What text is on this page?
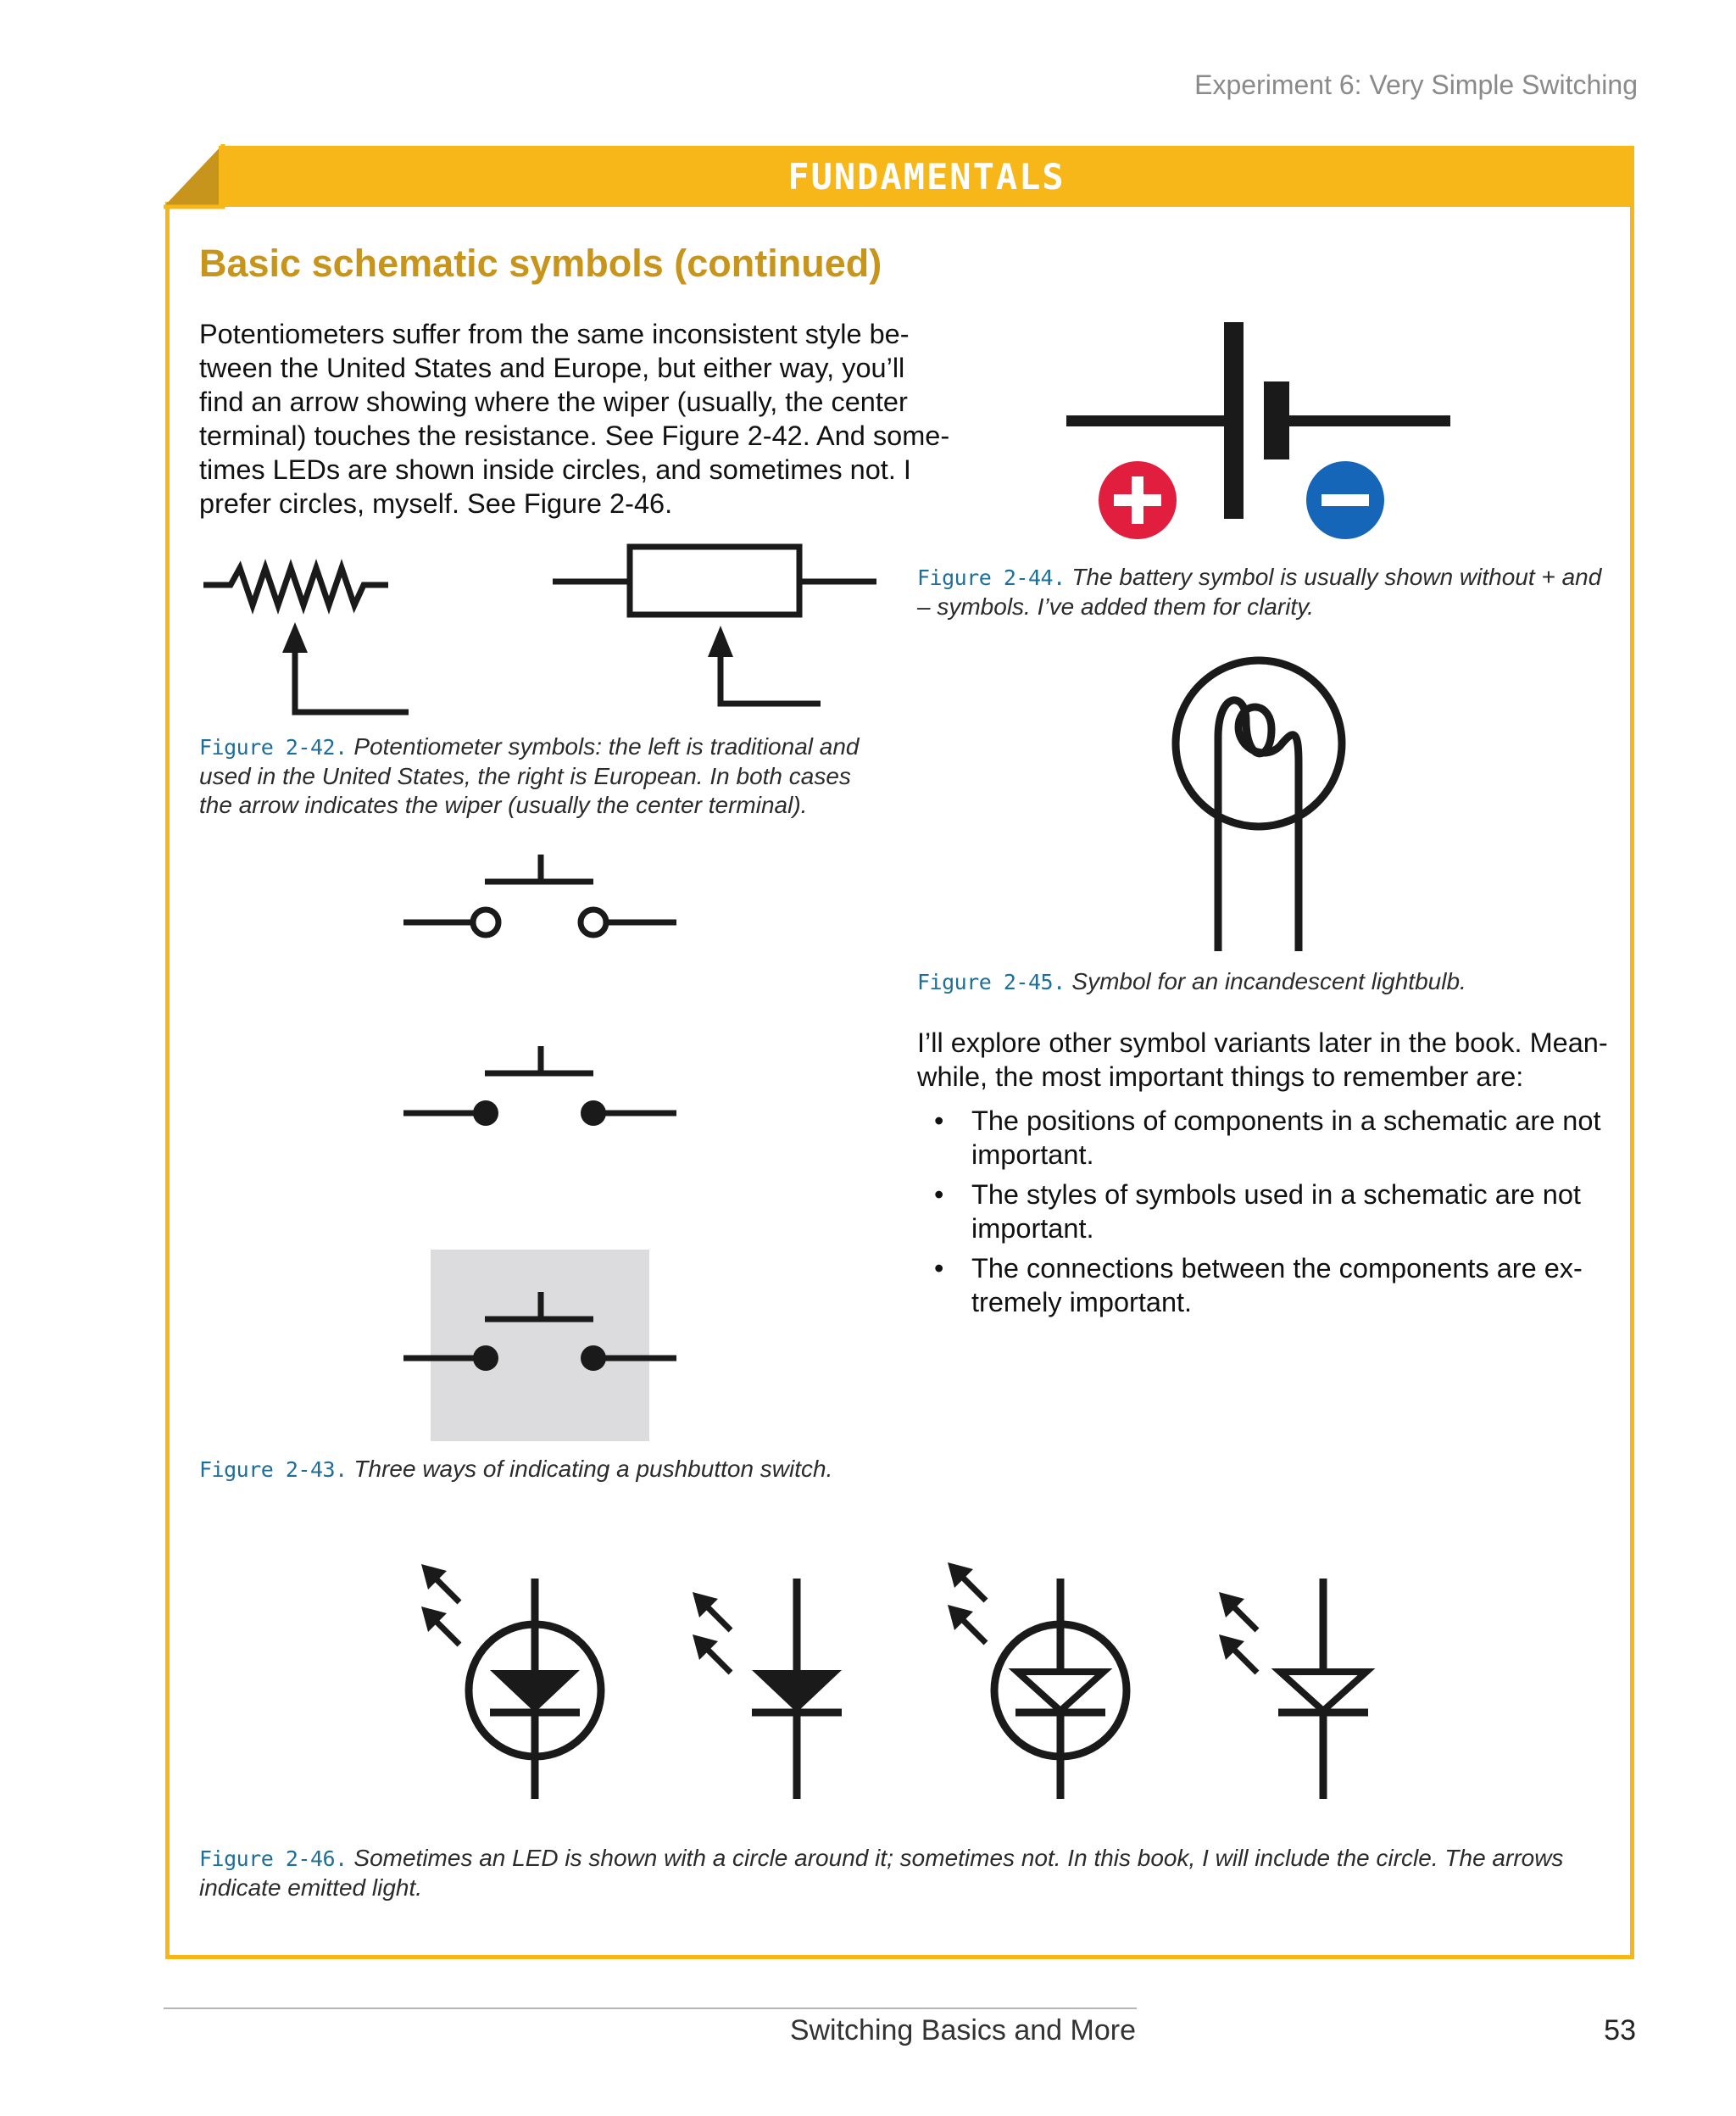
Experiment 6: Very Simple Switching
FUNDAMENTALS
Basic schematic symbols (continued)
Potentiometers suffer from the same inconsistent style be-
tween the United States and Europe, but either way, you’ll
find an arrow showing where the wiper (usually, the center
terminal) touches the resistance. See Figure 2-42. And some-
times LEDs are shown inside circles, and sometimes not. I
prefer circles, myself. See Figure 2-46.
Figure 2-42. Potentiometer symbols: the left is traditional and
used in the United States, the right is European. In both cases
the arrow indicates the wiper (usually the center terminal).
Figure 2-43. Three ways of indicating a pushbutton switch.
Figure 2-44. The battery symbol is usually shown without + and
– symbols. I’ve added them for clarity.
Figure 2-45. Symbol for an incandescent lightbulb.
I’ll explore other symbol variants later in the book. Mean-
while, the most important things to remember are:
• The positions of components in a schematic are not
important.
• The styles of symbols used in a schematic are not
important.
• The connections between the components are ex-
tremely important.
Figure 2-46. Sometimes an LED is shown with a circle around it; sometimes not. In this book, I will include the circle. The arrows
indicate emitted light.
Switching Basics and More	53
